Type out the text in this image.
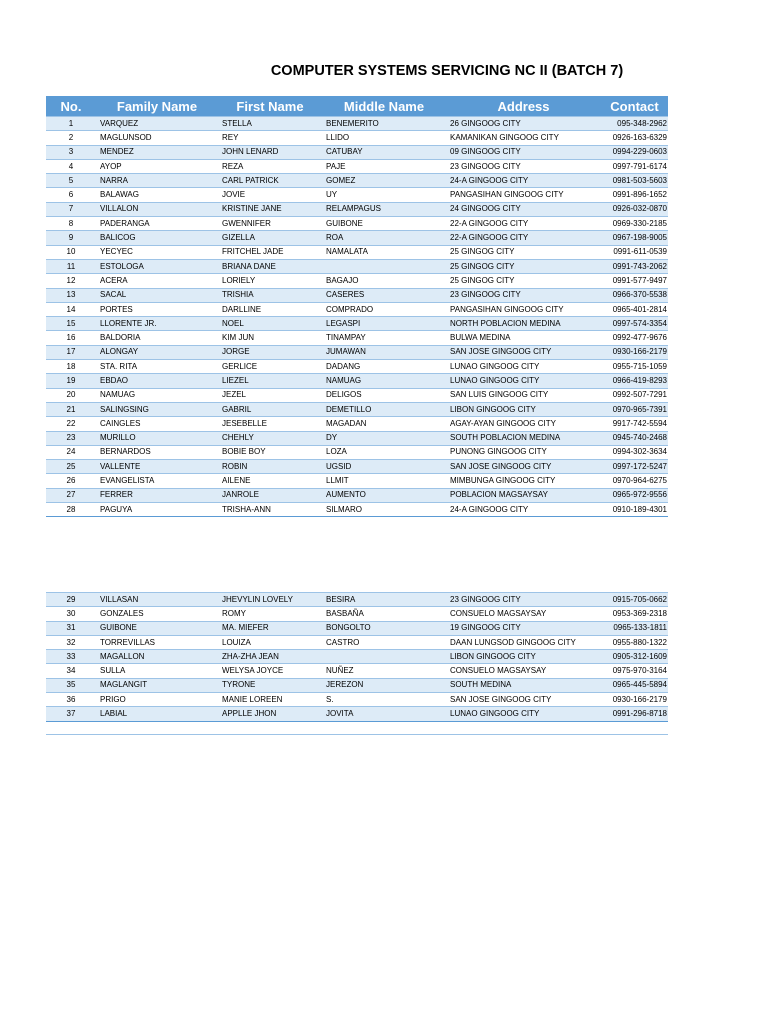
COMPUTER SYSTEMS SERVICING NC II (BATCH 7)
No.	Family Name	First Name	Middle Name	Address	Contact
1	VARQUEZ	STELLA	BENEMERITO	26 GINGOOG CITY	095-348-2962
2	MAGLUNSOD	REY	LLIDO	KAMANIKAN GINGOOG CITY	0926-163-6329
3	MENDEZ	JOHN LENARD	CATUBAY	09 GINGOOG CITY	0994-229-0603
4	AYOP	REZA	PAJE	23 GINGOOG CITY	0997-791-6174
5	NARRA	CARL PATRICK	GOMEZ	24-A GINGOOG CITY	0981-503-5603
6	BALAWAG	JOVIE	UY	PANGASIHAN GINGOOG CITY	0991-896-1652
7	VILLALON	KRISTINE JANE	RELAMPAGUS	24 GINGOOG CITY	0926-032-0870
8	PADERANGA	GWENNIFER	GUIBONE	22-A GINGOOG CITY	0969-330-2185
9	BALICOG	GIZELLA	ROA	22-A GINGOOG CITY	0967-198-9005
10	YECYEC	FRITCHEL JADE	NAMALATA	25 GINGOG CITY	0991-611-0539
11	ESTOLOGA	BRIANA DANE		25 GINGOG CITY	0991-743-2062
12	ACERA	LORIELY	BAGAJO	25 GINGOG CITY	0991-577-9497
13	SACAL	TRISHIA	CASERES	23 GINGOOG CITY	0966-370-5538
14	PORTES	DARLLINE	COMPRADO	PANGASIHAN GINGOOG CITY	0965-401-2814
15	LLORENTE JR.	NOEL	LEGASPI	NORTH POBLACION MEDINA	0997-574-3354
16	BALDORIA	KIM JUN	TINAMPAY	BULWA MEDINA	0992-477-9676
17	ALONGAY	JORGE	JUMAWAN	SAN JOSE GINGOOG CITY	0930-166-2179
18	STA. RITA	GERLICE	DADANG	LUNAO GINGOOG CITY	0955-715-1059
19	EBDAO	LIEZEL	NAMUAG	LUNAO GINGOOG CITY	0966-419-8293
20	NAMUAG	JEZEL	DELIGOS	SAN LUIS GINGOOG CITY	0992-507-7291
21	SALINGSING	GABRIL	DEMETILLO	LIBON GINGOOG CITY	0970-965-7391
22	CAINGLES	JESEBELLE	MAGADAN	AGAY-AYAN GINGOOG CITY	9917-742-5594
23	MURILLO	CHEHLY	DY	SOUTH POBLACION MEDINA	0945-740-2468
24	BERNARDOS	BOBIE BOY	LOZA	PUNONG GINGOOG CITY	0994-302-3634
25	VALLENTE	ROBIN	UGSID	SAN JOSE GINGOOG CITY	0997-172-5247
26	EVANGELISTA	AILENE	LLMIT	MIMBUNGA GINGOOG CITY	0970-964-6275
27	FERRER	JANROLE	AUMENTO	POBLACION MAGSAYSAY	0965-972-9556
28	PAGUYA	TRISHA-ANN	SILMARO	24-A GINGOOG CITY	0910-189-4301
29	VILLASAN	JHEVYLIN LOVELY	BESIRA	23 GINGOOG CITY	0915-705-0662
30	GONZALES	ROMY	BASBAÑA	CONSUELO MAGSAYSAY	0953-369-2318
31	GUIBONE	MA. MIEFER	BONGOLTO	19 GINGOOG CITY	0965-133-1811
32	TORREVILLAS	LOUIZA	CASTRO	DAAN LUNGSOD GINGOOG CITY	0955-880-1322
33	MAGALLON	ZHA-ZHA JEAN		LIBON GINGOOG CITY	0905-312-1609
34	SULLA	WELYSA JOYCE	NUÑEZ	CONSUELO MAGSAYSAY	0975-970-3164
35	MAGLANGIT	TYRONE	JEREZON	SOUTH MEDINA	0965-445-5894
36	PRIGO	MANIE LOREEN	S.	SAN JOSE GINGOOG CITY	0930-166-2179
37	LABIAL	APPLLE JHON	JOVITA	LUNAO GINGOOG CITY	0991-296-8718
